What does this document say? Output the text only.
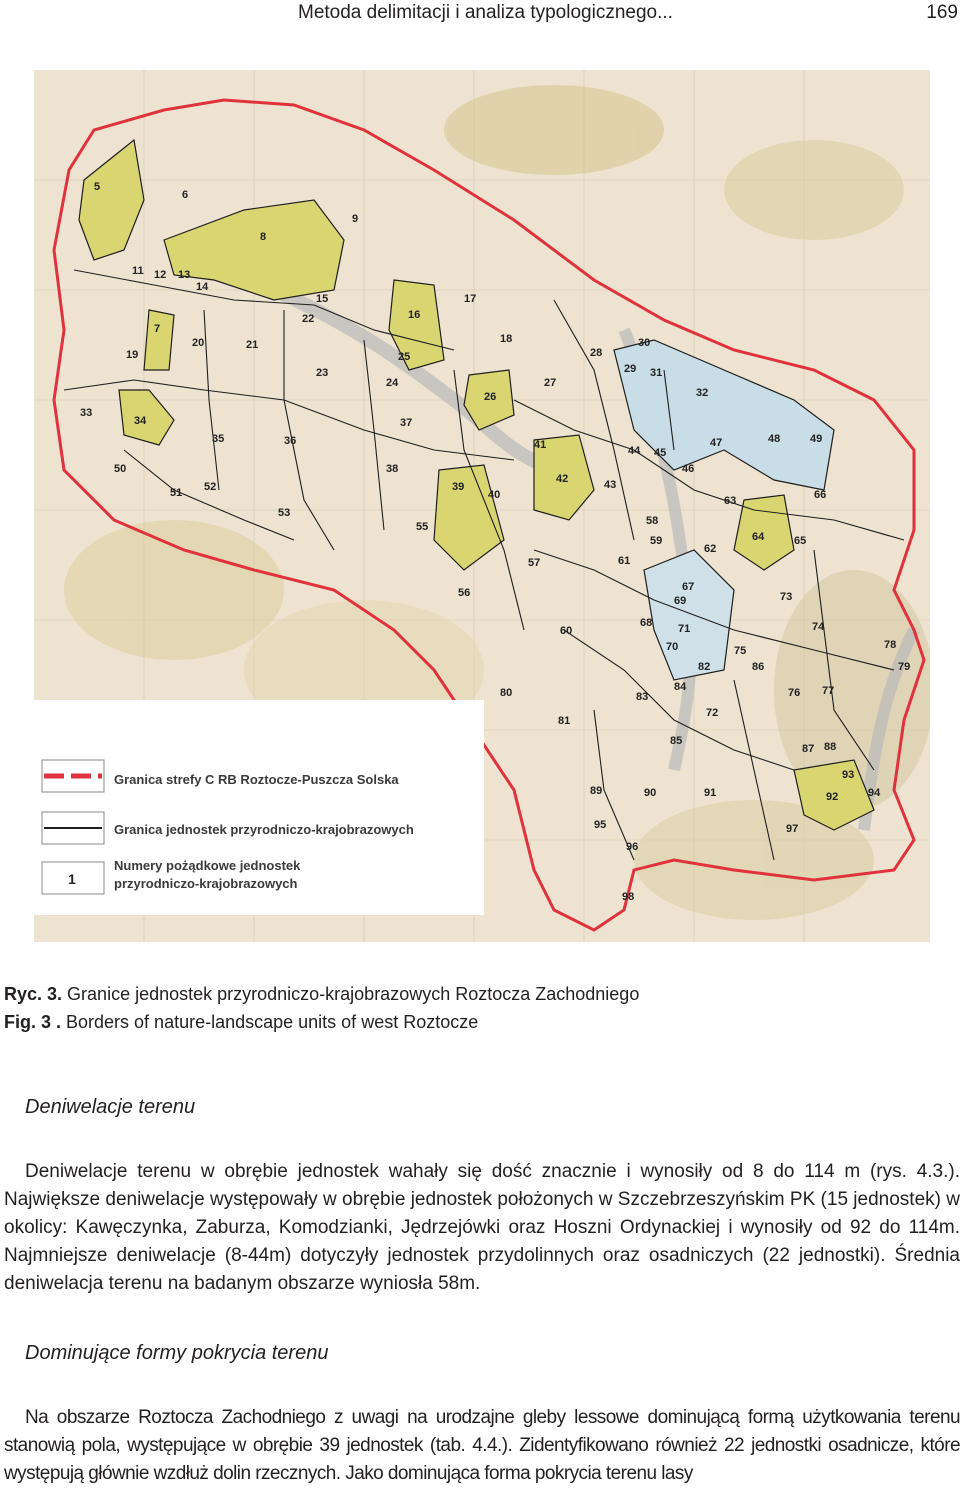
Metoda delimitacji i analiza typologicznego...	169
5
6
7
8
9
11 12 13
14
15
16
17
18
19
20	21
22
23
24
25
26
27
28
29
30
31
32
33
34
35	36
37
38
39
40
41
42	43
44 45
46
47	48	49
50
51 52
53
55
56
57
58
59
60
61
62
63
64	65
66
67
68
69
70
71
72
73
74
75
76 77
78
79
80
81
82
83
84
85
86
87 88
89	90	91	92
93
94
95
96
97
98
Granica strefy C RB Roztocze-Puszcza Solska
Granica jednostek przyrodniczo-krajobrazowych
1
Numery pożądkowe jednostek
przyrodniczo-krajobrazowych
Ryc. 3. Granice jednostek przyrodniczo-krajobrazowych Roztocza Zachodniego
Fig. 3 . Borders of nature-landscape units of west Roztocze
Deniwelacje terenu

Deniwelacje terenu w obrębie jednostek wahały się dość znacznie i wynosiły od 8 do 114 m (rys. 4.3.). Największe deniwelacje występowały w obrębie jednostek położonych w Szczebrzeszyńskim PK (15 jednostek) w okolicy: Kawęczynka, Zaburza, Komodzianki, Jędrzejówki oraz Hoszni Ordynackiej i wynosiły od 92 do 114m. Najmniejsze deniwelacje (8-44m) dotyczyły jednostek przydolinnych oraz osadniczych (22 jednostki). Średnia deniwelacja terenu na badanym obszarze wyniosła 58m.

Dominujące formy pokrycia terenu

Na obszarze Roztocza Zachodniego z uwagi na urodzajne gleby lessowe dominującą formą użytkowania terenu stanowią pola, występujące w obrębie 39 jednostek (tab. 4.4.). Zidentyfikowano również 22 jednostki osadnicze, które występują głównie wzdłuż dolin rzecznych. Jako dominująca forma pokrycia terenu lasy
